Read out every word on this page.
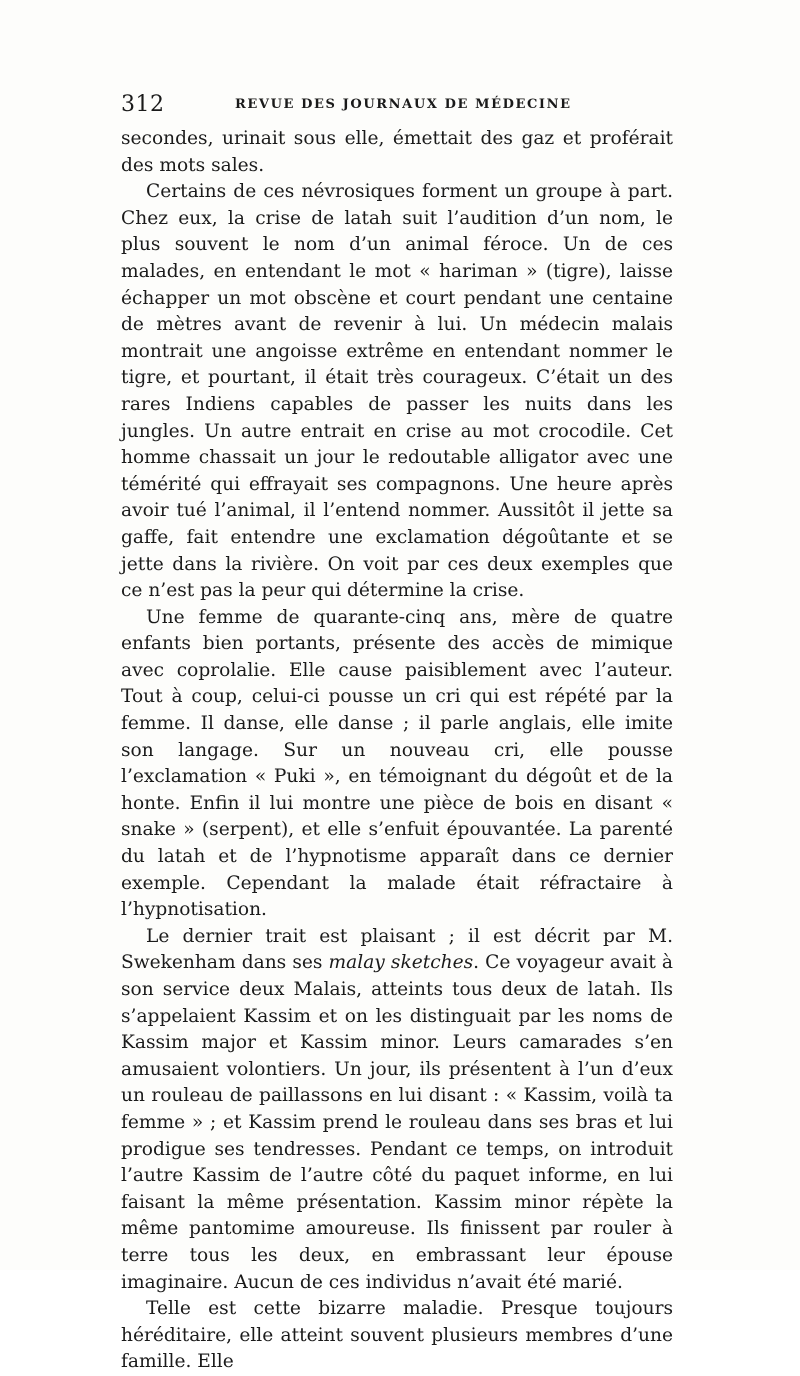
312	REVUE DES JOURNAUX DE MÉDECINE

secondes, urinait sous elle, émettait des gaz et proférait des mots sales.

Certains de ces névrosiques forment un groupe à part. Chez eux, la crise de latah suit l’audition d’un nom, le plus souvent le nom d’un animal féroce. Un de ces malades, en entendant le mot « hariman » (tigre), laisse échapper un mot obscène et court pendant une centaine de mètres avant de revenir à lui. Un médecin malais montrait une angoisse extrême en entendant nommer le tigre, et pourtant, il était très courageux. C’était un des rares Indiens capables de passer les nuits dans les jungles. Un autre entrait en crise au mot crocodile. Cet homme chassait un jour le redoutable alligator avec une témérité qui effrayait ses compagnons. Une heure après avoir tué l’animal, il l’entend nommer. Aussitôt il jette sa gaffe, fait entendre une exclamation dégoûtante et se jette dans la rivière. On voit par ces deux exemples que ce n’est pas la peur qui détermine la crise.

Une femme de quarante-cinq ans, mère de quatre enfants bien portants, présente des accès de mimique avec coprolalie. Elle cause paisiblement avec l’auteur. Tout à coup, celui-ci pousse un cri qui est répété par la femme. Il danse, elle danse ; il parle anglais, elle imite son langage. Sur un nouveau cri, elle pousse l’exclamation « Puki », en témoignant du dégoût et de la honte. Enfin il lui montre une pièce de bois en disant « snake » (serpent), et elle s’enfuit épouvantée. La parenté du latah et de l’hypnotisme apparaît dans ce dernier exemple. Cependant la malade était réfractaire à l’hypnotisation.

Le dernier trait est plaisant ; il est décrit par M. Swekenham dans ses malay sketches. Ce voyageur avait à son service deux Malais, atteints tous deux de latah. Ils s’appelaient Kassim et on les distinguait par les noms de Kassim major et Kassim minor. Leurs camarades s’en amusaient volontiers. Un jour, ils présentent à l’un d’eux un rouleau de paillassons en lui disant : « Kassim, voilà ta femme » ; et Kassim prend le rouleau dans ses bras et lui prodigue ses tendresses. Pendant ce temps, on introduit l’autre Kassim de l’autre côté du paquet informe, en lui faisant la même présentation. Kassim minor répète la même pantomime amoureuse. Ils finissent par rouler à terre tous les deux, en embrassant leur épouse imaginaire. Aucun de ces individus n’avait été marié.

Telle est cette bizarre maladie. Presque toujours héréditaire, elle atteint souvent plusieurs membres d’une famille. Elle
